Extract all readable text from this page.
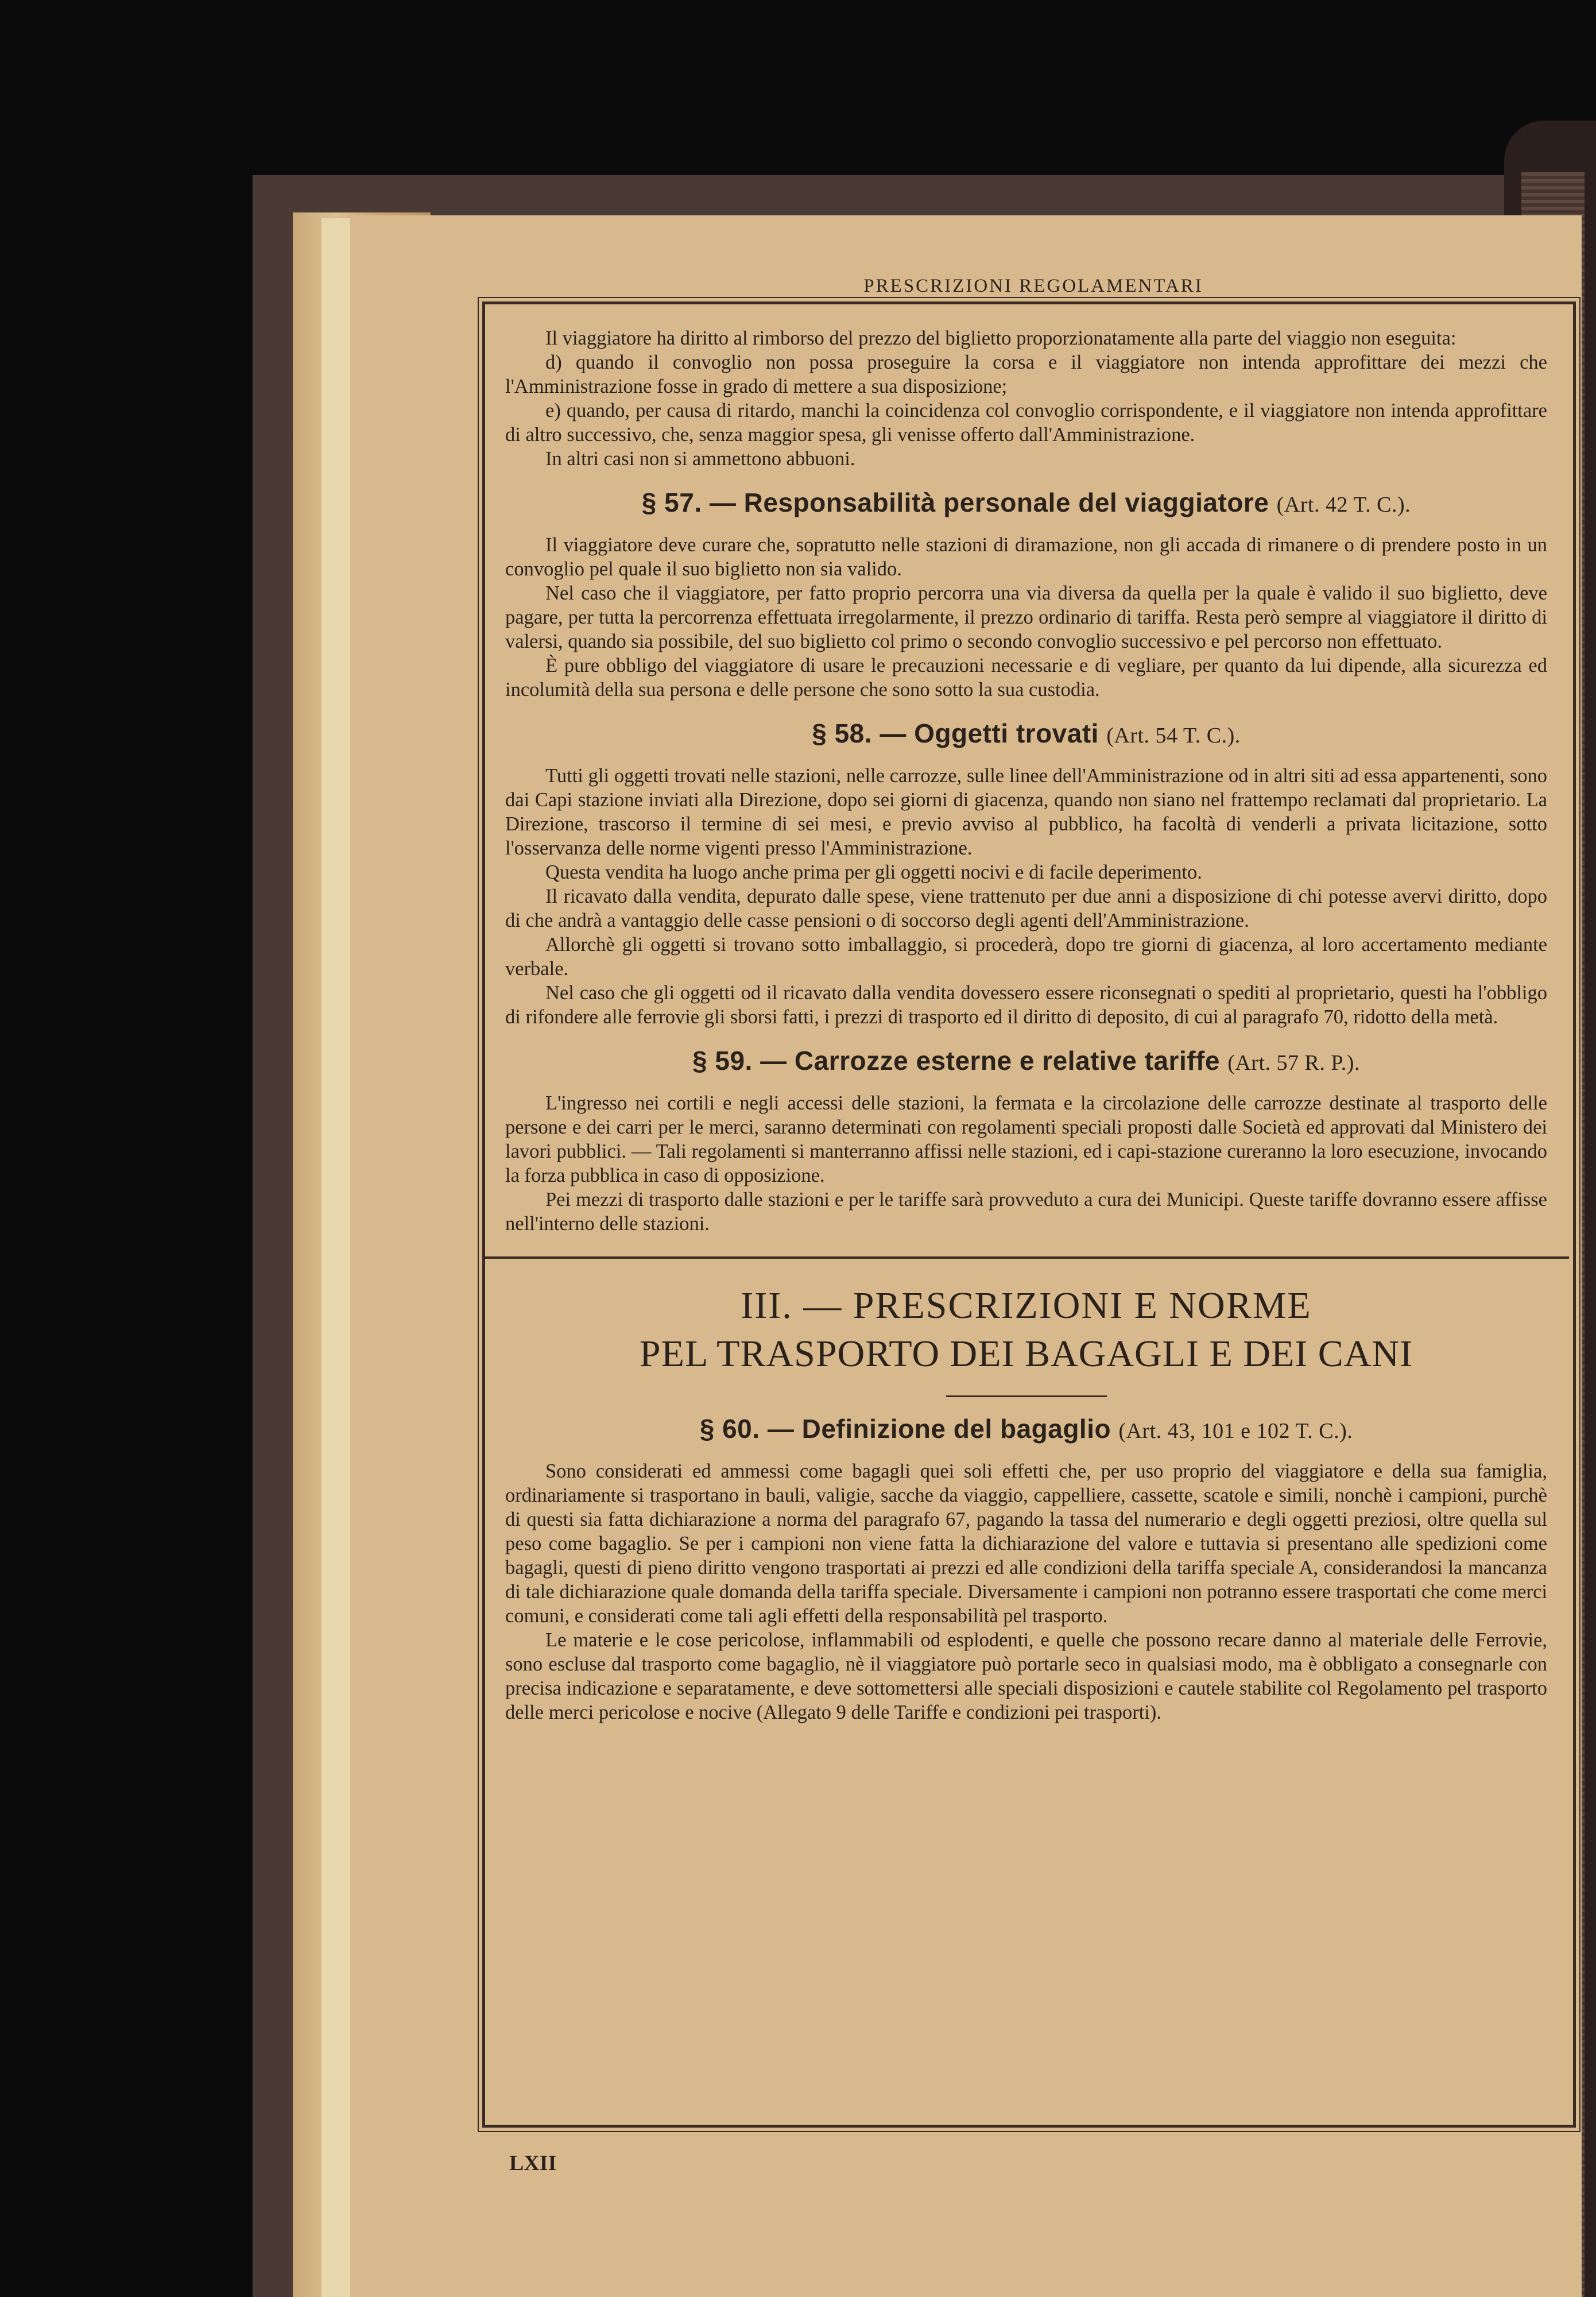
PRESCRIZIONI REGOLAMENTARI

Il viaggiatore ha diritto al rimborso del prezzo del biglietto proporzionatamente alla parte del viaggio non eseguita:

d) quando il convoglio non possa proseguire la corsa e il viaggiatore non intenda approfittare dei mezzi che l'Amministrazione fosse in grado di mettere a sua disposizione;

e) quando, per causa di ritardo, manchi la coincidenza col convoglio corrispondente, e il viaggiatore non intenda approfittare di altro successivo, che, senza maggior spesa, gli venisse offerto dall'Amministrazione.

In altri casi non si ammettono abbuoni.

§ 57. — Responsabilità personale del viaggiatore (Art. 42 T. C.).

Il viaggiatore deve curare che, sopratutto nelle stazioni di diramazione, non gli accada di rimanere o di prendere posto in un convoglio pel quale il suo biglietto non sia valido.

Nel caso che il viaggiatore, per fatto proprio percorra una via diversa da quella per la quale è valido il suo biglietto, deve pagare, per tutta la percorrenza effettuata irregolarmente, il prezzo ordinario di tariffa. Resta però sempre al viaggiatore il diritto di valersi, quando sia possibile, del suo biglietto col primo o secondo convoglio successivo e pel percorso non effettuato.

È pure obbligo del viaggiatore di usare le precauzioni necessarie e di vegliare, per quanto da lui dipende, alla sicurezza ed incolumità della sua persona e delle persone che sono sotto la sua custodia.

§ 58. — Oggetti trovati (Art. 54 T. C.).

Tutti gli oggetti trovati nelle stazioni, nelle carrozze, sulle linee dell'Amministrazione od in altri siti ad essa appartenenti, sono dai Capi stazione inviati alla Direzione, dopo sei giorni di giacenza, quando non siano nel frattempo reclamati dal proprietario. La Direzione, trascorso il termine di sei mesi, e previo avviso al pubblico, ha facoltà di venderli a privata licitazione, sotto l'osservanza delle norme vigenti presso l'Amministrazione.

Questa vendita ha luogo anche prima per gli oggetti nocivi e di facile deperimento.

Il ricavato dalla vendita, depurato dalle spese, viene trattenuto per due anni a disposizione di chi potesse avervi diritto, dopo di che andrà a vantaggio delle casse pensioni o di soccorso degli agenti dell'Amministrazione.

Allorchè gli oggetti si trovano sotto imballaggio, si procederà, dopo tre giorni di giacenza, al loro accertamento mediante verbale.

Nel caso che gli oggetti od il ricavato dalla vendita dovessero essere riconsegnati o spediti al proprietario, questi ha l'obbligo di rifondere alle ferrovie gli sborsi fatti, i prezzi di trasporto ed il diritto di deposito, di cui al paragrafo 70, ridotto della metà.

§ 59. — Carrozze esterne e relative tariffe (Art. 57 R. P.).

L'ingresso nei cortili e negli accessi delle stazioni, la fermata e la circolazione delle carrozze destinate al trasporto delle persone e dei carri per le merci, saranno determinati con regolamenti speciali proposti dalle Società ed approvati dal Ministero dei lavori pubblici. — Tali regolamenti si manterranno affissi nelle stazioni, ed i capi-stazione cureranno la loro esecuzione, invocando la forza pubblica in caso di opposizione.

Pei mezzi di trasporto dalle stazioni e per le tariffe sarà provveduto a cura dei Municipi. Queste tariffe dovranno essere affisse nell'interno delle stazioni.

III. — PRESCRIZIONI E NORME
PEL TRASPORTO DEI BAGAGLI E DEI CANI
§ 60. — Definizione del bagaglio (Art. 43, 101 e 102 T. C.).

Sono considerati ed ammessi come bagagli quei soli effetti che, per uso proprio del viaggiatore e della sua famiglia, ordinariamente si trasportano in bauli, valigie, sacche da viaggio, cappelliere, cassette, scatole e simili, nonchè i campioni, purchè di questi sia fatta dichiarazione a norma del paragrafo 67, pagando la tassa del numerario e degli oggetti preziosi, oltre quella sul peso come bagaglio. Se per i campioni non viene fatta la dichiarazione del valore e tuttavia si presentano alle spedizioni come bagagli, questi di pieno diritto vengono trasportati ai prezzi ed alle condizioni della tariffa speciale A, considerandosi la mancanza di tale dichiarazione quale domanda della tariffa speciale. Diversamente i campioni non potranno essere trasportati che come merci comuni, e considerati come tali agli effetti della responsabilità pel trasporto.

Le materie e le cose pericolose, inflammabili od esplodenti, e quelle che possono recare danno al materiale delle Ferrovie, sono escluse dal trasporto come bagaglio, nè il viaggiatore può portarle seco in qualsiasi modo, ma è obbligato a consegnarle con precisa indicazione e separatamente, e deve sottomettersi alle speciali disposizioni e cautele stabilite col Regolamento pel trasporto delle merci pericolose e nocive (Allegato 9 delle Tariffe e condizioni pei trasporti).

LXII
